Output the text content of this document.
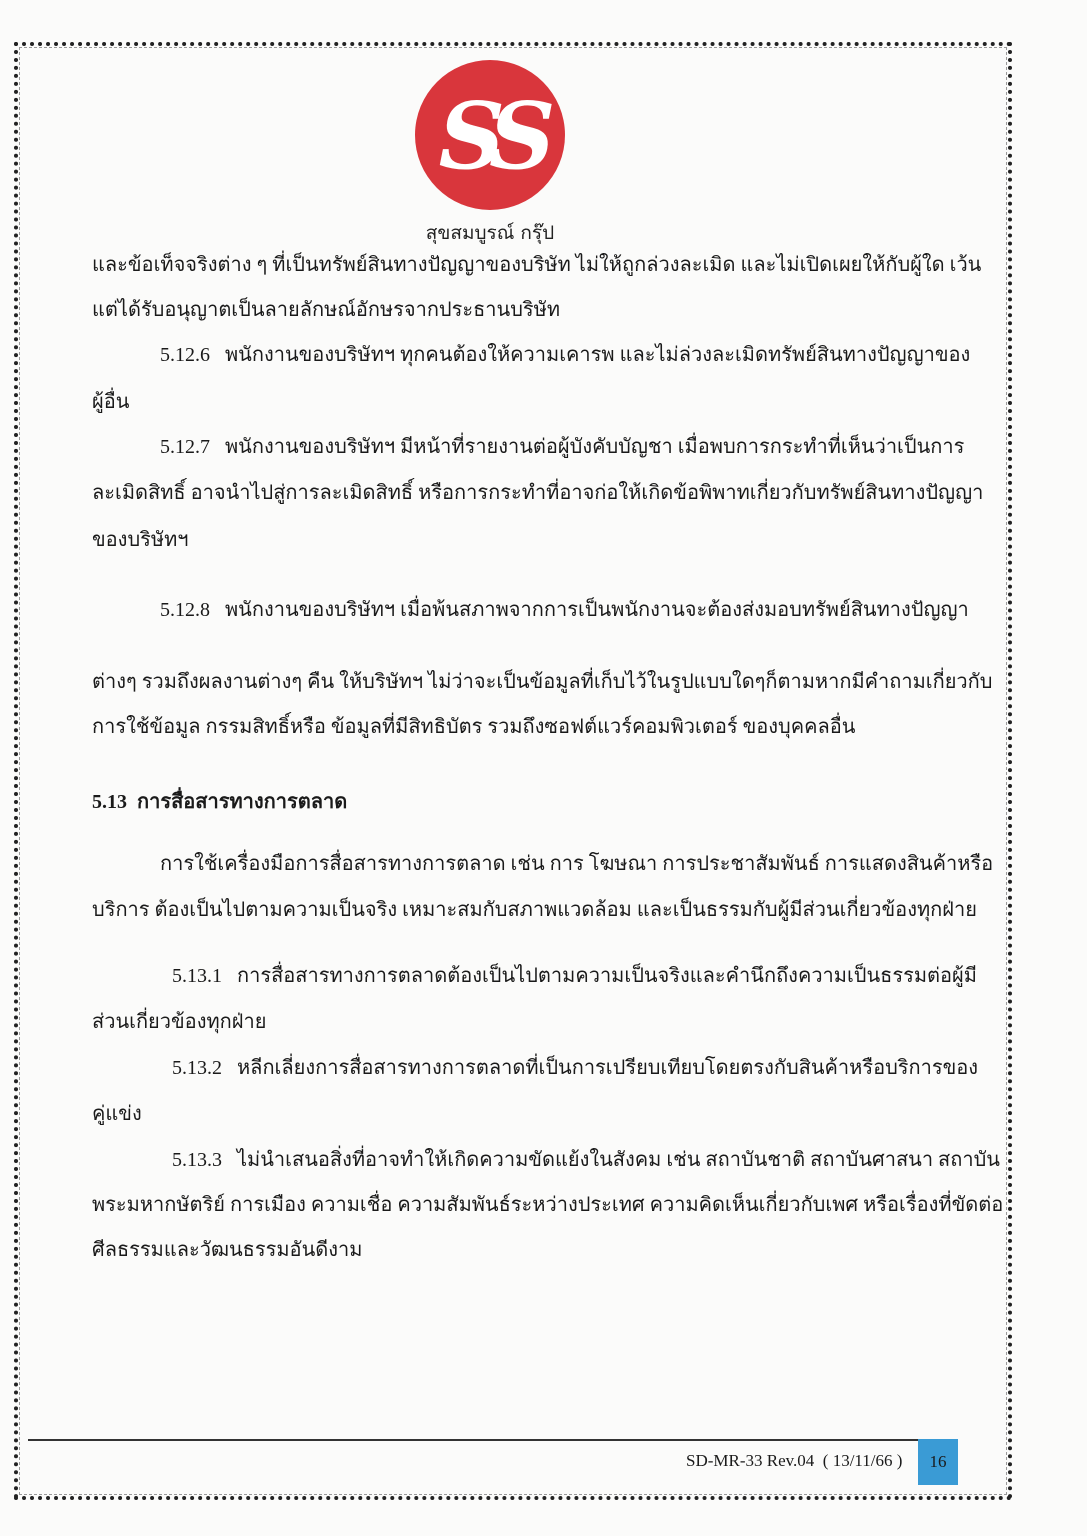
SS
สุขสมบูรณ์ กรุ๊ป
และข้อเท็จจริงต่าง ๆ ที่เป็นทรัพย์สินทางปัญญาของบริษัท ไม่ให้ถูกล่วงละเมิด และไม่เปิดเผยให้กับผู้ใด เว้น
แต่ได้รับอนุญาตเป็นลายลักษณ์อักษรจากประธานบริษัท
5.12.6   พนักงานของบริษัทฯ ทุกคนต้องให้ความเคารพ และไม่ล่วงละเมิดทรัพย์สินทางปัญญาของ
ผู้อื่น
5.12.7   พนักงานของบริษัทฯ มีหน้าที่รายงานต่อผู้บังคับบัญชา เมื่อพบการกระทำที่เห็นว่าเป็นการ
ละเมิดสิทธิ์ อาจนำไปสู่การละเมิดสิทธิ์ หรือการกระทำที่อาจก่อให้เกิดข้อพิพาทเกี่ยวกับทรัพย์สินทางปัญญา
ของบริษัทฯ
5.12.8   พนักงานของบริษัทฯ เมื่อพ้นสภาพจากการเป็นพนักงานจะต้องส่งมอบทรัพย์สินทางปัญญา
ต่างๆ รวมถึงผลงานต่างๆ คืน ให้บริษัทฯ ไม่ว่าจะเป็นข้อมูลที่เก็บไว้ในรูปแบบใดๆก็ตามหากมีคำถามเกี่ยวกับ
การใช้ข้อมูล กรรมสิทธิ์หรือ ข้อมูลที่มีสิทธิบัตร รวมถึงซอฟต์แวร์คอมพิวเตอร์ ของบุคคลอื่น
5.13  การสื่อสารทางการตลาด
การใช้เครื่องมือการสื่อสารทางการตลาด เช่น การ โฆษณา การประชาสัมพันธ์ การแสดงสินค้าหรือ
บริการ ต้องเป็นไปตามความเป็นจริง เหมาะสมกับสภาพแวดล้อม และเป็นธรรมกับผู้มีส่วนเกี่ยวข้องทุกฝ่าย
5.13.1   การสื่อสารทางการตลาดต้องเป็นไปตามความเป็นจริงและคำนึกถึงความเป็นธรรมต่อผู้มี
ส่วนเกี่ยวข้องทุกฝ่าย
5.13.2   หลีกเลี่ยงการสื่อสารทางการตลาดที่เป็นการเปรียบเทียบโดยตรงกับสินค้าหรือบริการของ
คู่แข่ง
5.13.3   ไม่นำเสนอสิ่งที่อาจทำให้เกิดความขัดแย้งในสังคม เช่น สถาบันชาติ สถาบันศาสนา สถาบัน
พระมหากษัตริย์ การเมือง ความเชื่อ ความสัมพันธ์ระหว่างประเทศ ความคิดเห็นเกี่ยวกับเพศ หรือเรื่องที่ขัดต่อ
ศีลธรรมและวัฒนธรรมอันดีงาม
SD-MR-33 Rev.04  ( 13/11/66 )	16
